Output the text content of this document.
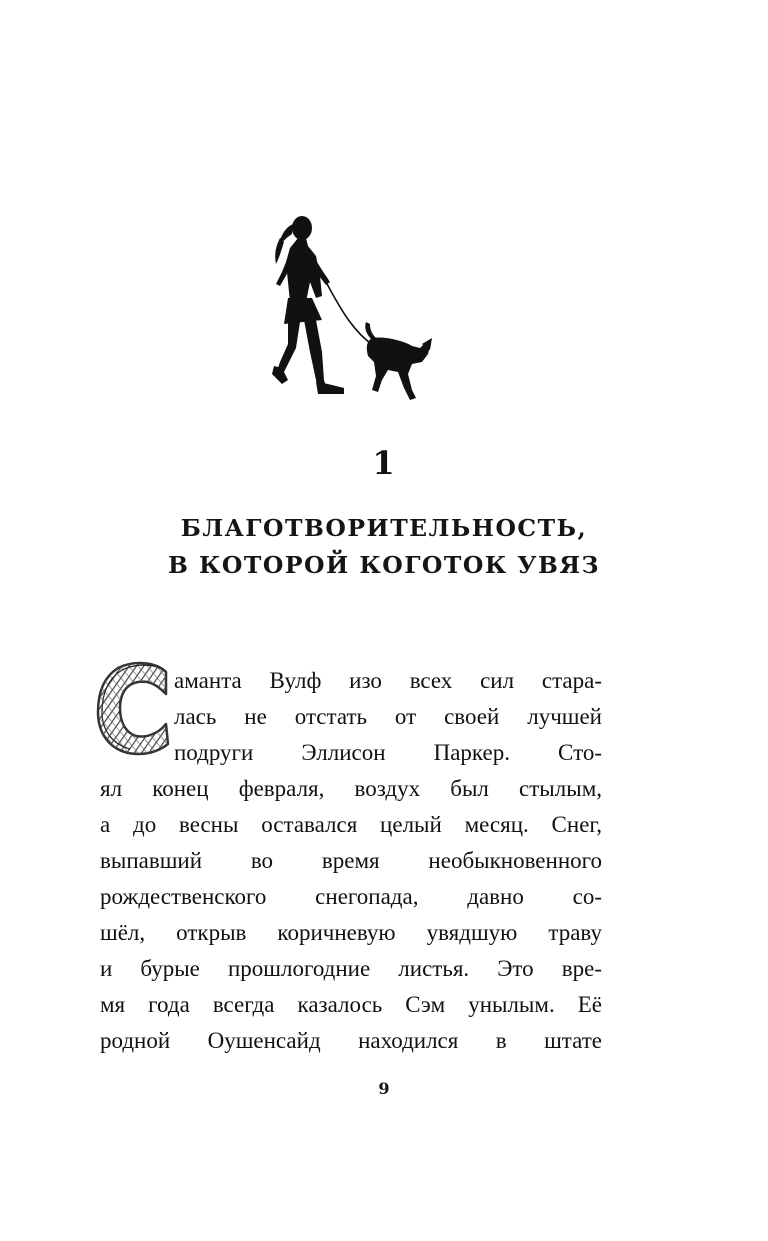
1
БЛАГОТВОРИТЕЛЬНОСТЬ,
В КОТОРОЙ КОГОТОК УВЯЗ
аманта Вулф изо всех сил стара-
лась не отстать от своей лучшей
подруги Эллисон Паркер. Сто-
ял конец февраля, воздух был стылым,
а до весны оставался целый месяц. Снег,
выпавший во время необыкновенного
рождественского снегопада, давно со-
шёл, открыв коричневую увядшую траву
и бурые прошлогодние листья. Это вре-
мя года всегда казалось Сэм унылым. Её
родной Оушенсайд находился в штате
9
